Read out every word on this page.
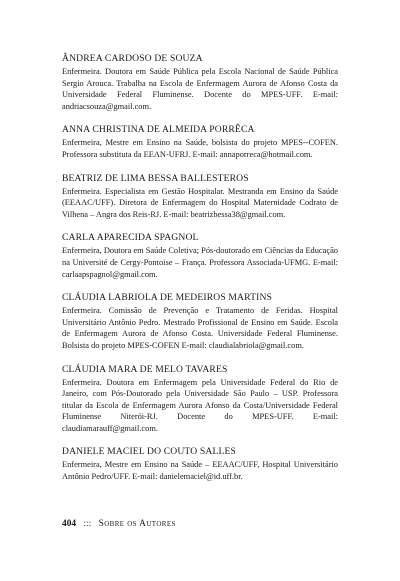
ÂNDREA CARDOSO DE SOUZA

Enfermeira. Doutora em Saúde Pública pela Escola Nacional de Saúde Pública Sergio Arouca. Trabalha na Escola de Enfermagem Aurora de Afonso Costa da Universidade Federal Fluminense. Docente do MPES-UFF. E-mail: andriacsouza@gmail.com.

ANNA CHRISTINA DE ALMEIDA PORRÊCA

Enfermeira, Mestre em Ensino na Saúde, bolsista do projeto MPES--COFEN. Professora substituta da EEAN-UFRJ. E-mail: annaporreca@hotmail.com.

BEATRIZ DE LIMA BESSA BALLESTEROS

Enfermeira. Especialista em Gestão Hospitalar. Mestranda em Ensino da Saúde (EEAAC/UFF). Diretora de Enfermagem do Hospital Maternidade Codrato de Vilhena – Angra dos Reis-RJ. E-mail: beatrizbessa38@gmail.com.

CARLA APARECIDA SPAGNOL

Enfermeira, Doutora em Saúde Coletiva; Pós-doutorado em Ciências da Educação na Université de Cergy-Pontoise – França. Professora Associada-UFMG. E-mail: carlaapspagnol@gmail.com.

CLÁUDIA LABRIOLA DE MEDEIROS MARTINS

Enfermeira. Comissão de Prevenção e Tratamento de Feridas. Hospital Universitário Antônio Pedro. Mestrado Profissional de Ensino em Saúde. Escola de Enfermagem Aurora de Afonso Costa. Universidade Federal Fluminense. Bolsista do projeto MPES-COFEN E-mail: claudialabriola@gmail.com.

CLÁUDIA MARA DE MELO TAVARES

Enfermeira. Doutora em Enfermagem pela Universidade Federal do Rio de Janeiro, com Pós-Doutorado pela Universidade São Paulo – USP. Professora titular da Escola de Enfermagem Aurora Afonso da Costa/Universidade Federal Fluminense Niterói-RJ. Docente do MPES-UFF. E-mail: claudiamarauff@gmail.com.

DANIELE MACIEL DO COUTO SALLES

Enfermeira, Mestre em Ensino na Saúde – EEAAC/UFF, Hospital Universitário Antônio Pedro/UFF. E-mail: danielemaciel@id.uff.br.

404 ::: Sobre os Autores
